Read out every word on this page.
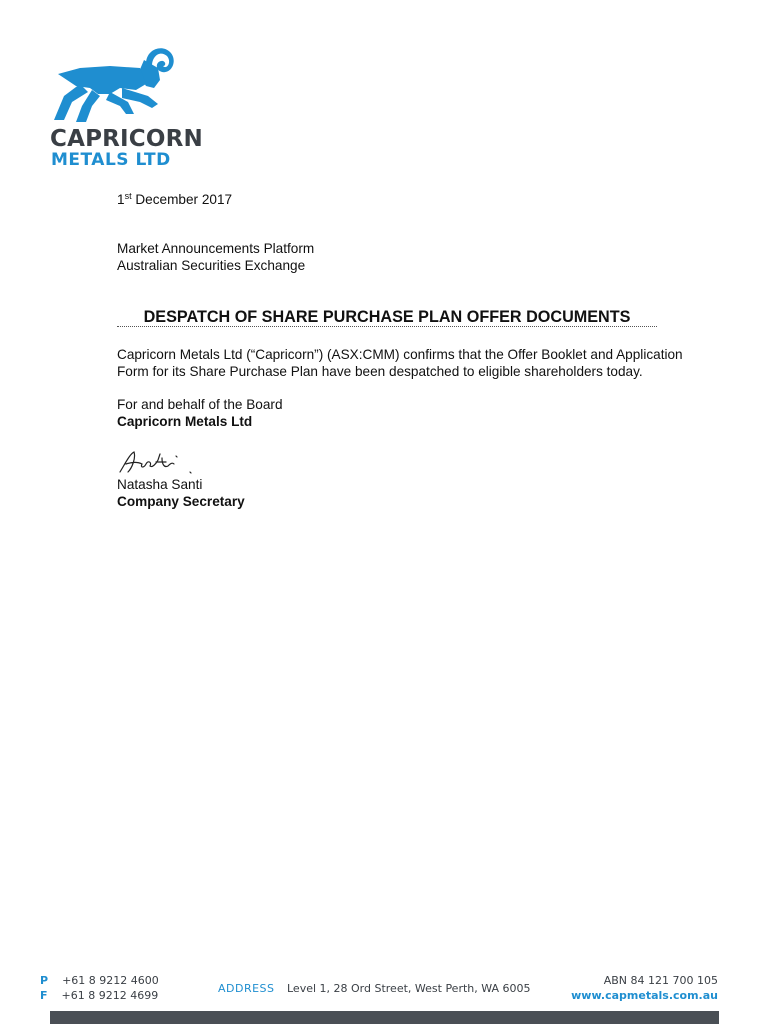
CAPRICORN
METALS LTD
1st December 2017
Market Announcements Platform
Australian Securities Exchange
DESPATCH OF SHARE PURCHASE PLAN OFFER DOCUMENTS
Capricorn Metals Ltd (“Capricorn”) (ASX:CMM) confirms that the Offer Booklet and Application
Form for its Share Purchase Plan have been despatched to eligible shareholders today.
For and behalf of the Board
Capricorn Metals Ltd
Natasha Santi
Company Secretary
P +61 8 9212 4600
F +61 8 9212 4699
ADDRESS Level 1, 28 Ord Street, West Perth, WA 6005
ABN 84 121 700 105
www.capmetals.com.au
